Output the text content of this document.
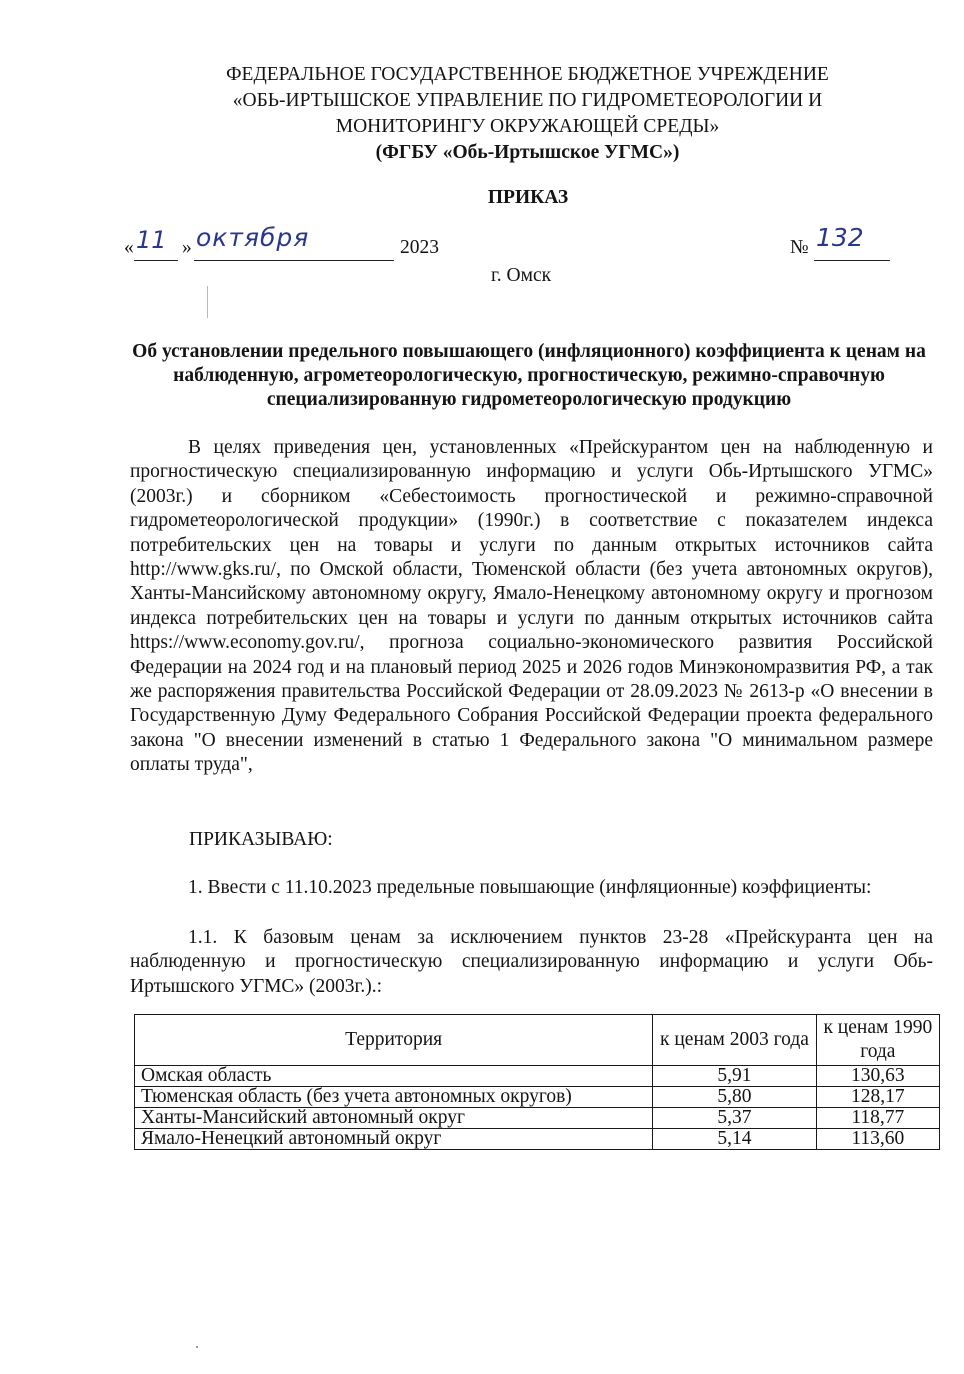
ФЕДЕРАЛЬНОЕ ГОСУДАРСТВЕННОЕ БЮДЖЕТНОЕ УЧРЕЖДЕНИЕ
«ОБЬ-ИРТЫШСКОЕ УПРАВЛЕНИЕ ПО ГИДРОМЕТЕОРОЛОГИИ И
МОНИТОРИНГУ ОКРУЖАЮЩЕЙ СРЕДЫ»
(ФГБУ «Обь-Иртышское УГМС»)
ПРИКАЗ
« 11 » октября	2023	№ 132
г. Омск
Об установлении предельного повышающего (инфляционного) коэффициента к ценам на наблюденную, агрометеорологическую, прогностическую, режимно-справочную специализированную гидрометеорологическую продукцию

В целях приведения цен, установленных «Прейскурантом цен на наблюденную и прогностическую специализированную информацию и услуги Обь-Иртышского УГМС» (2003г.) и сборником «Себестоимость прогностической и режимно-справочной гидрометеорологической продукции» (1990г.) в соответствие с показателем индекса потребительских цен на товары и услуги по данным открытых источников сайта http://www.gks.ru/, по Омской области, Тюменской области (без учета автономных округов), Ханты-Мансийскому автономному округу, Ямало-Ненецкому автономному округу и прогнозом индекса потребительских цен на товары и услуги по данным открытых источников сайта https://www.economy.gov.ru/, прогноза социально-экономического развития Российской Федерации на 2024 год и на плановый период 2025 и 2026 годов Минэкономразвития РФ, а так же распоряжения правительства Российской Федерации от 28.09.2023 № 2613-р «О внесении в Государственную Думу Федерального Собрания Российской Федерации проекта федерального закона "О внесении изменений в статью 1 Федерального закона "О минимальном размере оплаты труда",

ПРИКАЗЫВАЮ:

1. Ввести с 11.10.2023 предельные повышающие (инфляционные) коэффициенты:

1.1. К базовым ценам за исключением пунктов 23-28 «Прейскуранта цен на наблюденную и прогностическую специализированную информацию и услуги Обь-Иртышского УГМС» (2003г.).:

Территория	к ценам 2003 года	к ценам 1990 года
Омская область	5,91	130,63
Тюменская область (без учета автономных округов)	5,80	128,17
Ханты-Мансийский автономный округ	5,37	118,77
Ямало-Ненецкий автономный округ	5,14	113,60
